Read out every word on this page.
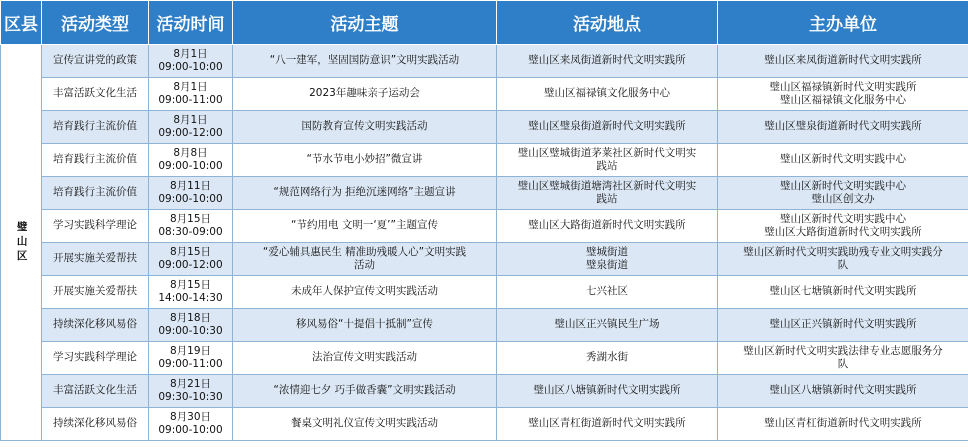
区县	活动类型	活动时间	活动主题	活动地点	主办单位
璧山区	宣传宣讲党的政策	8月1日
09:00-10:00	“八一建军，坚固国防意识”文明实践活动	璧山区来凤街道新时代文明实践所	璧山区来凤街道新时代文明实践所

	丰富活跃文化生活	8月1日
09:00-11:00	2023年趣味亲子运动会	璧山区福禄镇文化服务中心	璧山区福禄镇新时代文明实践所
璧山区福禄镇文化服务中心

	培育践行主流价值	8月1日
09:00-12:00	国防教育宣传文明实践活动	璧山区璧泉街道新时代文明实践所	璧山区璧泉街道新时代文明实践所

	培育践行主流价值	8月8日
09:00-10:00	“节水节电小妙招”微宣讲	璧山区璧城街道茅莱社区新时代文明实
践站	璧山区新时代文明实践中心

	培育践行主流价值	8月11日
09:00-10:00	“规范网络行为 拒绝沉迷网络”主题宣讲	璧山区璧城街道塘湾社区新时代文明实
践站	璧山区新时代文明实践中心
璧山区创文办

	学习实践科学理论	8月15日
08:30-09:00	“节约用电 文明一‘夏’”主题宣传	璧山区大路街道新时代文明实践所	璧山区新时代文明实践中心
璧山区大路街道新时代文明实践所

	开展实施关爱帮扶	8月15日
09:00-12:00	“爱心辅具惠民生 精准助残暖人心”文明实践
活动	璧城街道
璧泉街道	璧山区新时代文明实践助残专业文明实践分
队

	开展实施关爱帮扶	8月15日
14:00-14:30	未成年人保护宣传文明实践活动	七兴社区	璧山区七塘镇新时代文明实践所

	持续深化移风易俗	8月18日
09:00-10:30	移风易俗“十提倡十抵制”宣传	璧山区正兴镇民生广场	璧山区正兴镇新时代文明实践所

	学习实践科学理论	8月19日
09:00-11:00	法治宣传文明实践活动	秀湖水街	璧山区新时代文明实践法律专业志愿服务分
队

	丰富活跃文化生活	8月21日
09:30-10:30	“浓情迎七夕 巧手做香囊”文明实践活动	璧山区八塘镇新时代文明实践所	璧山区八塘镇新时代文明实践所

	持续深化移风易俗	8月30日
09:00-10:00	餐桌文明礼仪宣传文明实践活动	璧山区青杠街道新时代文明实践所	璧山区青杠街道新时代文明实践所
